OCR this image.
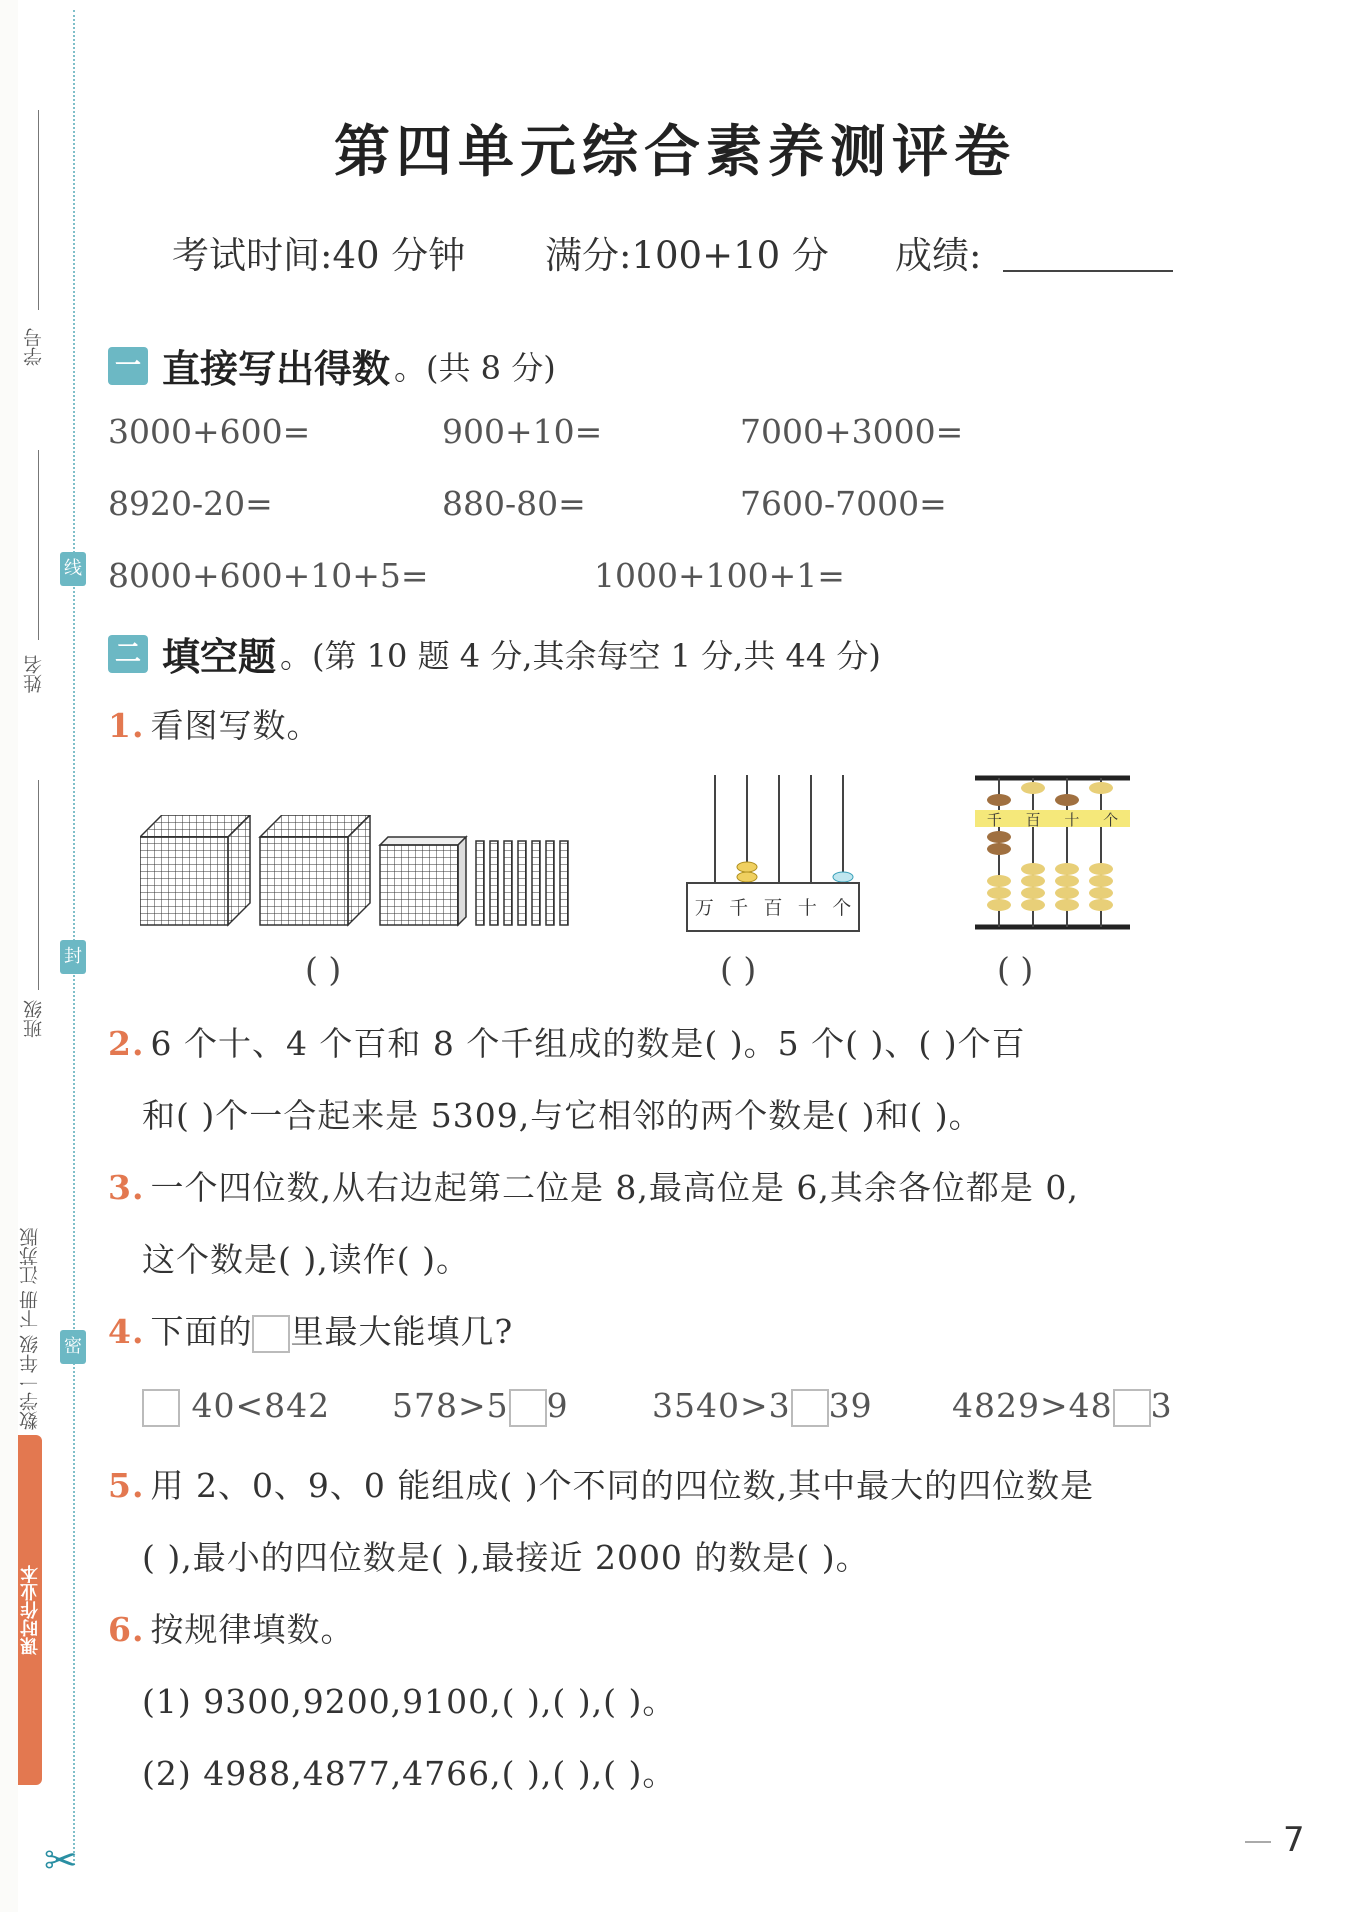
学号
姓名
班级
线
封
密
数学一年级 下册 江苏版
课时作业本
✂
第四单元综合素养测评卷
考试时间:40 分钟 满分:100+10 分 成绩:
一 直接写出得数 。(共 8 分)
3000+600=	900+10=	7000+3000=
8920-20=	880-80=	7600-7000=
8000+600+10+5=	1000+100+1=
二 填空题 。(第 10 题 4 分,其余每空 1 分,共 44 分)
1. 看图写数。
万 千 百 十 个
千 百 十 个
( )	( )	( )
2. 6 个十、4 个百和 8 个千组成的数是( )。5 个( )、( )个百
和( )个一合起来是 5309,与它相邻的两个数是( )和( )。
3. 一个四位数,从右边起第二位是 8,最高位是 6,其余各位都是 0,
这个数是( ),读作( )。
4. 下面的 里最大能填几?
40<842 578>5 9	3540>3 39 4829>48 3
5. 用 2、0、9、0 能组成( )个不同的四位数,其中最大的四位数是
( ),最小的四位数是( ),最接近 2000 的数是( )。
6. 按规律填数。
(1) 9300,9200,9100,( ),( ),( )。
(2) 4988,4877,4766,( ),( ),( )。
7
